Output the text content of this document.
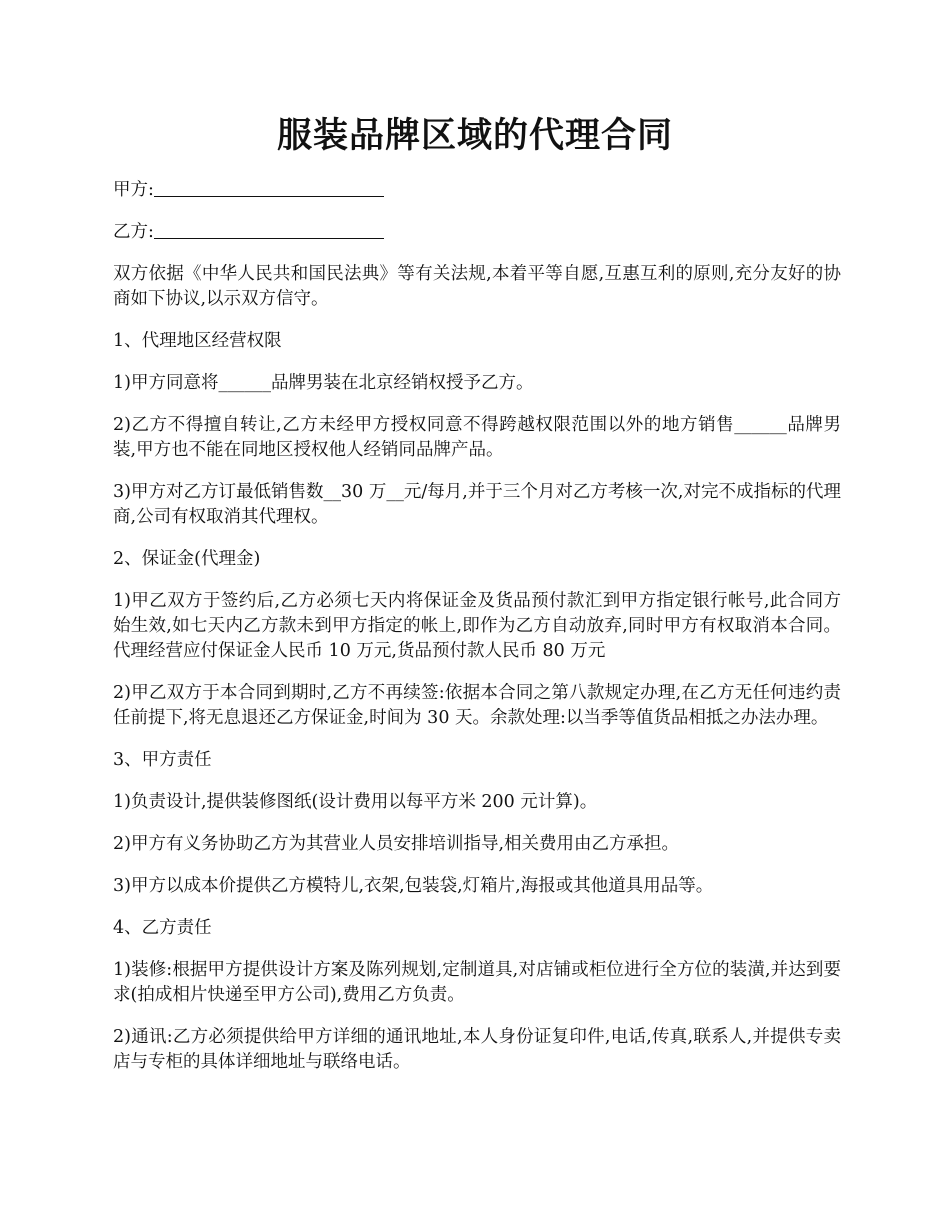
服装品牌区域的代理合同

甲方:

乙方:

双方依据《中华人民共和国民法典》等有关法规,本着平等自愿,互惠互利的原则,充分友好的协商如下协议,以示双方信守。

1、代理地区经营权限

1)甲方同意将______品牌男装在北京经销权授予乙方。

2)乙方不得擅自转让,乙方未经甲方授权同意不得跨越权限范围以外的地方销售______品牌男装,甲方也不能在同地区授权他人经销同品牌产品。

3)甲方对乙方订最低销售数__30 万__元/每月,并于三个月对乙方考核一次,对完不成指标的代理商,公司有权取消其代理权。

2、保证金(代理金)

1)甲乙双方于签约后,乙方必须七天内将保证金及货品预付款汇到甲方指定银行帐号,此合同方始生效,如七天内乙方款未到甲方指定的帐上,即作为乙方自动放弃,同时甲方有权取消本合同。代理经营应付保证金人民币 10 万元,货品预付款人民币 80 万元

2)甲乙双方于本合同到期时,乙方不再续签:依据本合同之第八款规定办理,在乙方无任何违约责任前提下,将无息退还乙方保证金,时间为 30 天。余款处理:以当季等值货品相抵之办法办理。

3、甲方责任

1)负责设计,提供装修图纸(设计费用以每平方米 200 元计算)。

2)甲方有义务协助乙方为其营业人员安排培训指导,相关费用由乙方承担。

3)甲方以成本价提供乙方模特儿,衣架,包装袋,灯箱片,海报或其他道具用品等。

4、乙方责任

1)装修:根据甲方提供设计方案及陈列规划,定制道具,对店铺或柜位进行全方位的装潢,并达到要求(拍成相片快递至甲方公司),费用乙方负责。

2)通讯:乙方必须提供给甲方详细的通讯地址,本人身份证复印件,电话,传真,联系人,并提供专卖店与专柜的具体详细地址与联络电话。
